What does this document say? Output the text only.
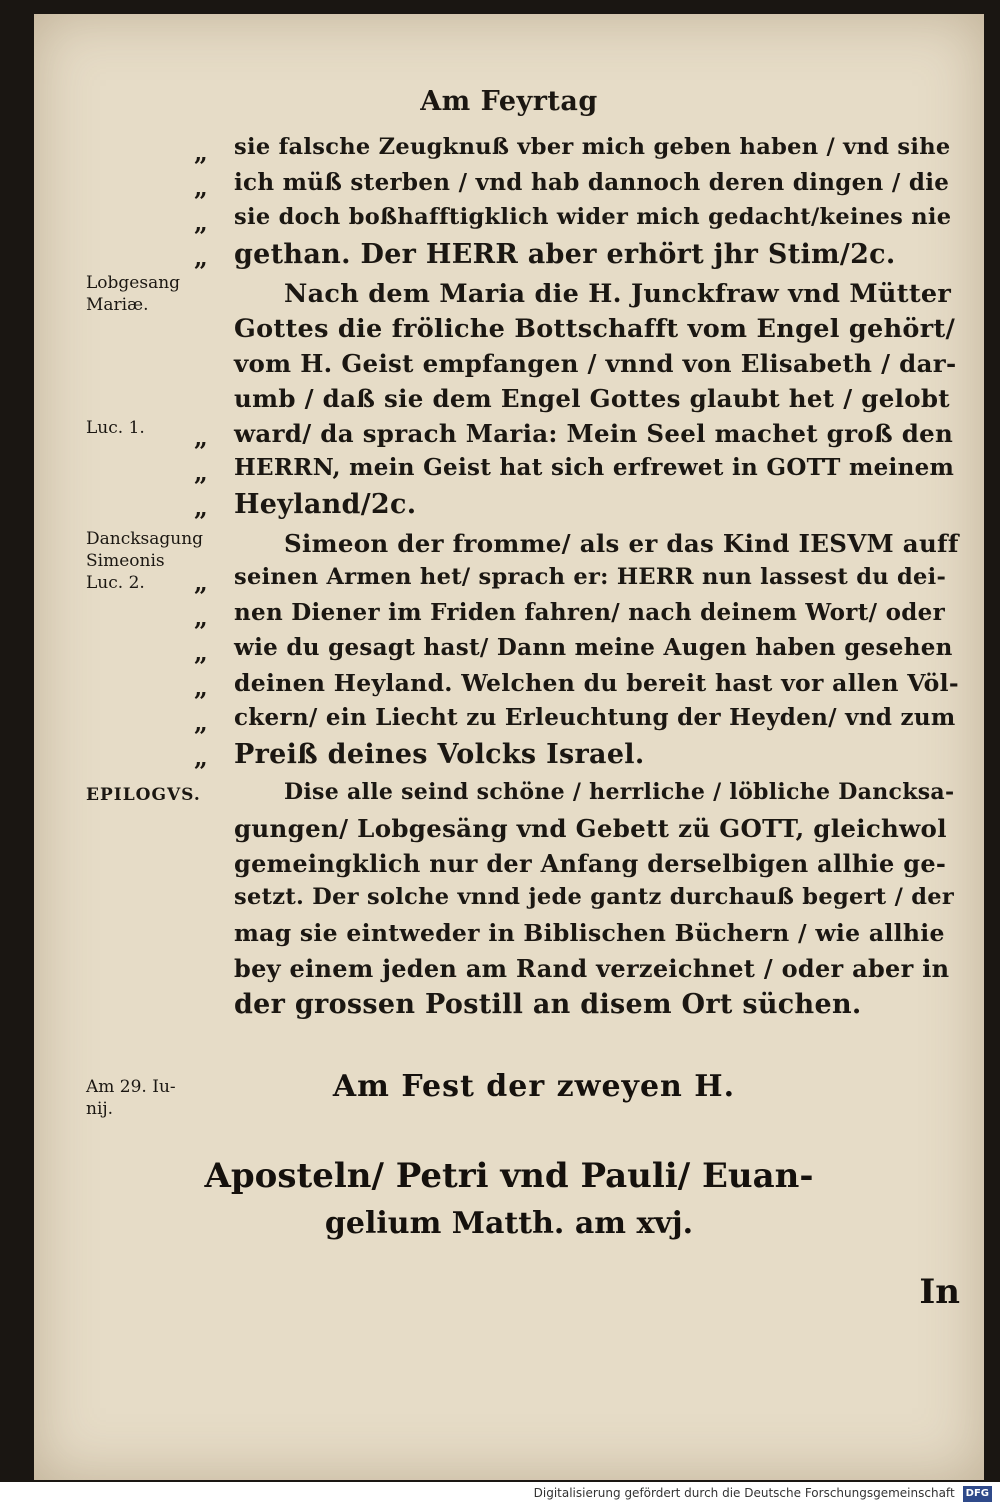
Am Feyrtag
„ sie falsche Zeugknuß vber mich geben haben / vnd sihe
„ ich müß sterben / vnd hab dannoch deren dingen / die
„ sie doch boßhafftigklich wider mich gedacht/keines nie
„ gethan. Der HERR aber erhört jhr Stim/2c.
Nach dem Maria die H. Junckfraw vnd Mütter
Gottes die fröliche Bottschafft vom Engel gehört/
vom H. Geist empfangen / vnnd von Elisabeth / dar-
umb / daß sie dem Engel Gottes glaubt het / gelobt
„ ward/ da sprach Maria: Mein Seel machet groß den
„ HERRN, mein Geist hat sich erfrewet in GOTT meinem
„ Heyland/2c.
Simeon der fromme/ als er das Kind IESVM auff
„ seinen Armen het/ sprach er: HERR nun lassest du dei-
„ nen Diener im Friden fahren/ nach deinem Wort/ oder
„ wie du gesagt hast/ Dann meine Augen haben gesehen
„ deinen Heyland. Welchen du bereit hast vor allen Völ-
„ ckern/ ein Liecht zu Erleuchtung der Heyden/ vnd zum
„ Preiß deines Volcks Israel.
Dise alle seind schöne / herrliche / löbliche Dancksa-
gungen/ Lobgesäng vnd Gebett zü GOTT, gleichwol
gemeingklich nur der Anfang derselbigen allhie ge-
setzt. Der solche vnnd jede gantz durchauß begert / der
mag sie eintweder in Biblischen Büchern / wie allhie
bey einem jeden am Rand verzeichnet / oder aber in
der grossen Postill an disem Ort süchen.
Lobgesang
Mariæ.
Luc. 1.
Dancksagung
Simeonis
Luc. 2.
EPILOGVS.
Am 29. Iu-
nij.
Am Fest der zweyen H.
Aposteln/ Petri vnd Pauli/ Euan-
gelium Matth. am xvj.
In
Digitalisierung gefördert durch die Deutsche Forschungsgemeinschaft DFG
